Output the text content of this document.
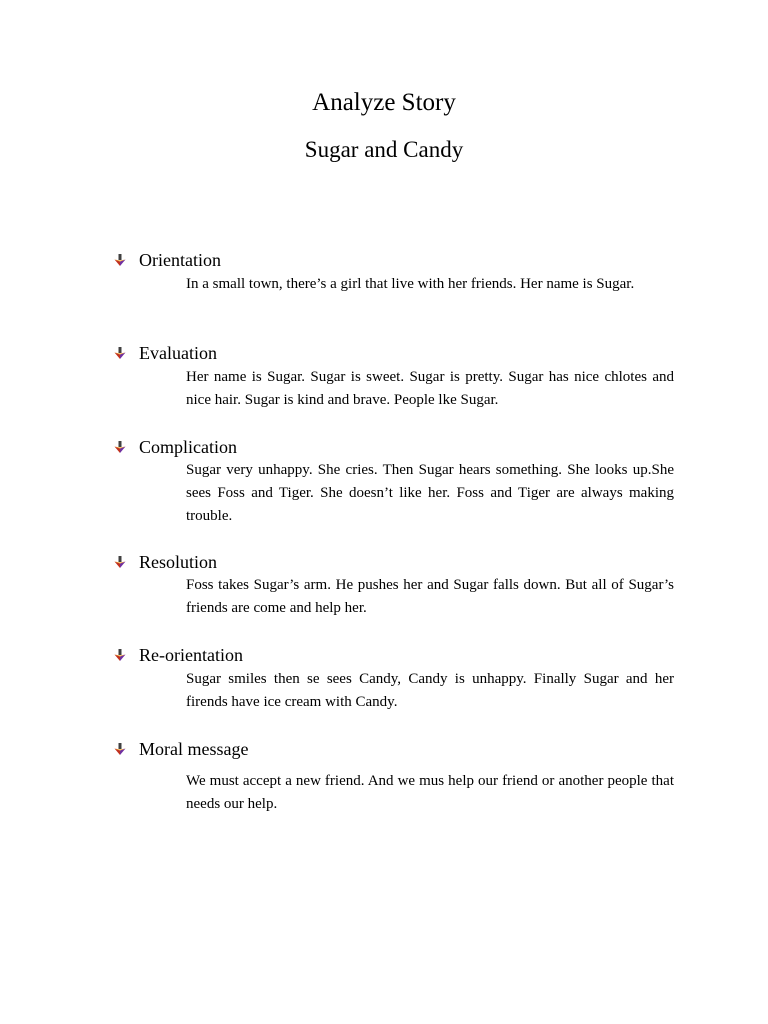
Analyze Story
Sugar and Candy
Orientation

In a small town, there’s a girl that live with her friends. Her name is Sugar.

Evaluation

Her name is Sugar. Sugar is sweet. Sugar is pretty. Sugar has nice chlotes and nice hair. Sugar is kind and brave. People lke Sugar.

Complication

Sugar very unhappy. She cries. Then Sugar hears something. She looks up.She sees Foss and Tiger. She doesn’t like her. Foss and Tiger are always making trouble.

Resolution

Foss takes Sugar’s arm. He pushes her and Sugar falls down. But all of Sugar’s friends are come and help her.

Re-orientation

Sugar smiles then se sees Candy, Candy is unhappy. Finally Sugar and her firends have ice cream with Candy.

Moral message

We must accept a new friend. And we mus help our friend or another people that needs our help.
